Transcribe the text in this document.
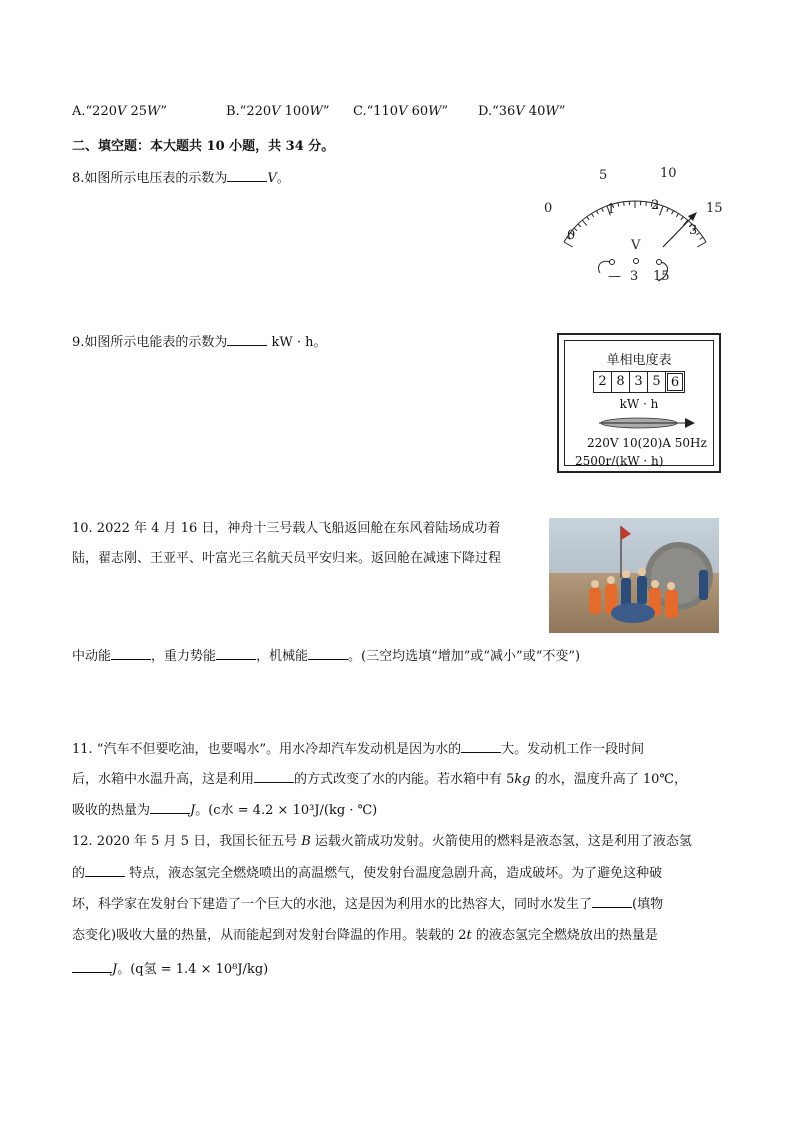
A.“220𝑉 25𝑊”	B.“220𝑉 100𝑊” C.“110𝑉 60𝑊” D.“36𝑉 40𝑊”
二、填空题：本大题共 10 小题，共 34 分。
8.如图所示电压表的示数为	𝑉。
0
5	10
15
0
1	2
3
V
— 3 15
9.如图所示电能表的示数为	kW · h。
单相电度表
2 8 3 5 6
kW · h
220V 10(20)A 50Hz
2500r/(kW · h)
10. 2022 年 4 月 16 日，神舟十三号载人飞船返回舱在东风着陆场成功着
陆，翟志刚、王亚平、叶富光三名航天员平安归来。返回舱在减速下降过程
中动能	，重力势能	，机械能	。(三空均选填“增加”或“减小”或“不变”)
11. “汽车不但要吃油，也要喝水”。用水冷却汽车发动机是因为水的	大。发动机工作一段时间
后，水箱中水温升高，这是利用	的方式改变了水的内能。若水箱中有 5𝑘𝑔 的水，温度升高了 10℃，
吸收的热量为	𝐽。(c水 = 4.2 × 10³J/(kg · ℃)
12. 2020 年 5 月 5 日，我国长征五号 𝐵 运载火箭成功发射。火箭使用的燃料是液态氢，这是利用了液态氢
的	特点，液态氢完全燃烧喷出的高温燃气，使发射台温度急剧升高，造成破坏。为了避免这种破
坏，科学家在发射台下建造了一个巨大的水池，这是因为利用水的比热容大，同时水发生了	(填物
态变化)吸收大量的热量，从而能起到对发射台降温的作用。装载的 2𝑡 的液态氢完全燃烧放出的热量是
𝐽。(q氢 = 1.4 × 10⁸J/kg)
